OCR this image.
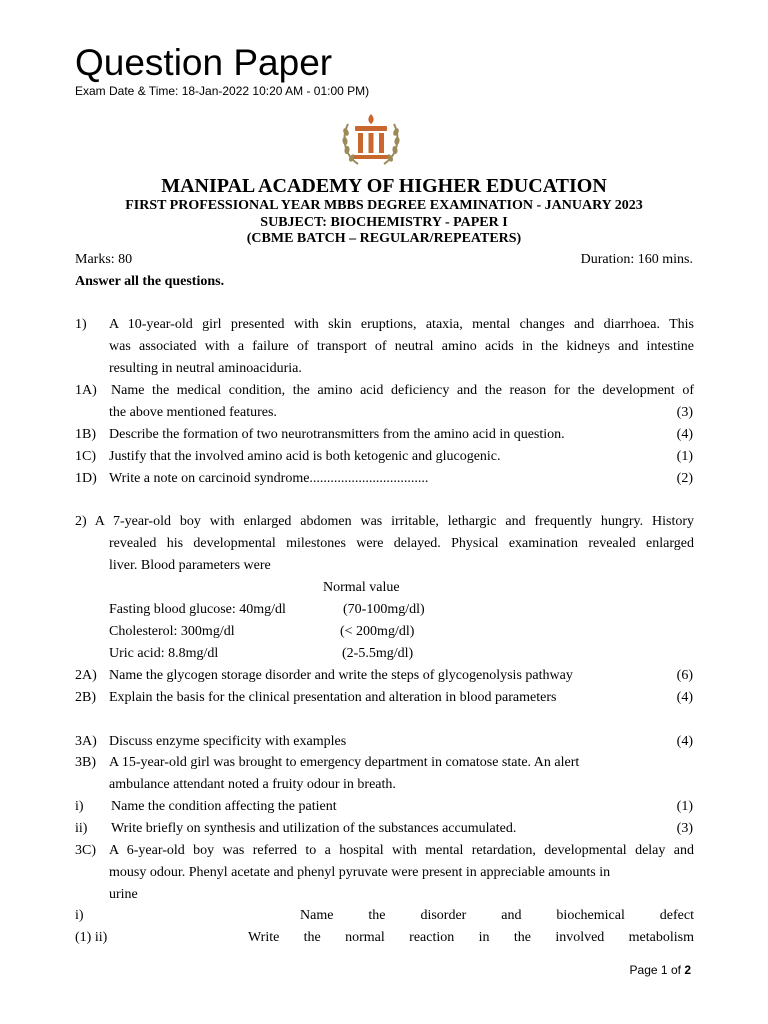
Question Paper
Exam Date & Time: 18-Jan-2022 10:20 AM - 01:00 PM)
MANIPAL ACADEMY OF HIGHER EDUCATION
FIRST PROFESSIONAL YEAR MBBS DEGREE EXAMINATION - JANUARY 2023
SUBJECT: BIOCHEMISTRY - PAPER I
(CBME BATCH – REGULAR/REPEATERS)
Marks: 80	Duration: 160 mins.
Answer all the questions.
1) A 10-year-old girl presented with skin eruptions, ataxia, mental changes and diarrhoea. This
was associated with a failure of transport of neutral amino acids in the kidneys and intestine
resulting in neutral aminoaciduria.
1A) Name the medical condition, the amino acid deficiency and the reason for the development of
the above mentioned features.	(3)
1B) Describe the formation of two neurotransmitters from the amino acid in question.	(4)
1C) Justify that the involved amino acid is both ketogenic and glucogenic.	(1)
1D) Write a note on carcinoid syndrome..................................	(2)
2) A 7-year-old boy with enlarged abdomen was irritable, lethargic and frequently hungry. History
revealed his developmental milestones were delayed. Physical examination revealed enlarged
liver. Blood parameters were
Normal value
Fasting blood glucose: 40mg/dl	(70-100mg/dl)
Cholesterol: 300mg/dl	(< 200mg/dl)
Uric acid: 8.8mg/dl	(2-5.5mg/dl)
2A) Name the glycogen storage disorder and write the steps of glycogenolysis pathway	(6)
2B) Explain the basis for the clinical presentation and alteration in blood parameters	(4)
3A) Discuss enzyme specificity with examples	(4)
3B) A 15-year-old girl was brought to emergency department in comatose state. An alert
ambulance attendant noted a fruity odour in breath.
i) Name the condition affecting the patient	(1)
ii) Write briefly on synthesis and utilization of the substances accumulated.	(3)
3C) A 6-year-old boy was referred to a hospital with mental retardation, developmental delay and
mousy odour. Phenyl acetate and phenyl pyruvate were present in appreciable amounts in
urine
i)	Name the disorder and biochemical defect
(1) ii)	Write the normal reaction in the involved metabolism
Page 1 of 2
